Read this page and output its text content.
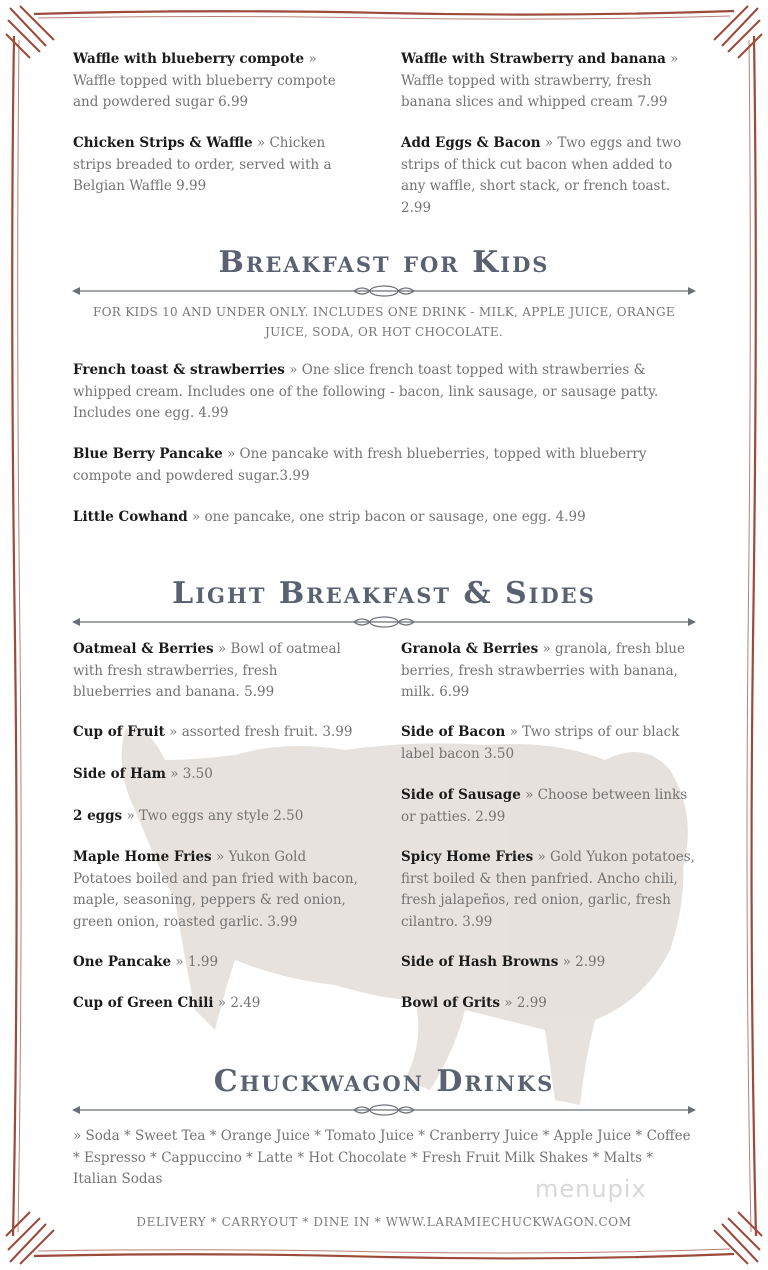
Waffle with blueberry compote » Waffle topped with blueberry compote and powdered sugar 6.99
Waffle with Strawberry and banana » Waffle topped with strawberry, fresh banana slices and whipped cream 7.99
Chicken Strips & Waffle » Chicken strips breaded to order, served with a Belgian Waffle 9.99
Add Eggs & Bacon » Two eggs and two strips of thick cut bacon when added to any waffle, short stack, or french toast. 2.99
Breakfast for Kids
FOR KIDS 10 AND UNDER ONLY. INCLUDES ONE DRINK - MILK, APPLE JUICE, ORANGE JUICE, SODA, OR HOT CHOCOLATE.
French toast & strawberries » One slice french toast topped with strawberries & whipped cream. Includes one of the following - bacon, link sausage, or sausage patty. Includes one egg. 4.99
Blue Berry Pancake » One pancake with fresh blueberries, topped with blueberry compote and powdered sugar.3.99
Little Cowhand » one pancake, one strip bacon or sausage, one egg. 4.99
Light Breakfast & Sides
Oatmeal & Berries » Bowl of oatmeal with fresh strawberries, fresh blueberries and banana. 5.99
Cup of Fruit » assorted fresh fruit. 3.99
Side of Ham » 3.50
2 eggs » Two eggs any style 2.50
Maple Home Fries » Yukon Gold Potatoes boiled and pan fried with bacon, maple, seasoning, peppers & red onion, green onion, roasted garlic. 3.99
One Pancake » 1.99
Cup of Green Chili » 2.49
Granola & Berries » granola, fresh blue berries, fresh strawberries with banana, milk. 6.99
Side of Bacon » Two strips of our black label bacon 3.50
Side of Sausage » Choose between links or patties. 2.99
Spicy Home Fries » Gold Yukon potatoes, first boiled & then panfried. Ancho chili, fresh jalapeños, red onion, garlic, fresh cilantro. 3.99
Side of Hash Browns » 2.99
Bowl of Grits » 2.99
Chuckwagon Drinks
» Soda * Sweet Tea * Orange Juice * Tomato Juice * Cranberry Juice * Apple Juice * Coffee * Espresso * Cappuccino * Latte * Hot Chocolate * Fresh Fruit Milk Shakes * Malts * Italian Sodas	menupix
DELIVERY * CARRYOUT * DINE IN * WWW.LARAMIECHUCKWAGON.COM
